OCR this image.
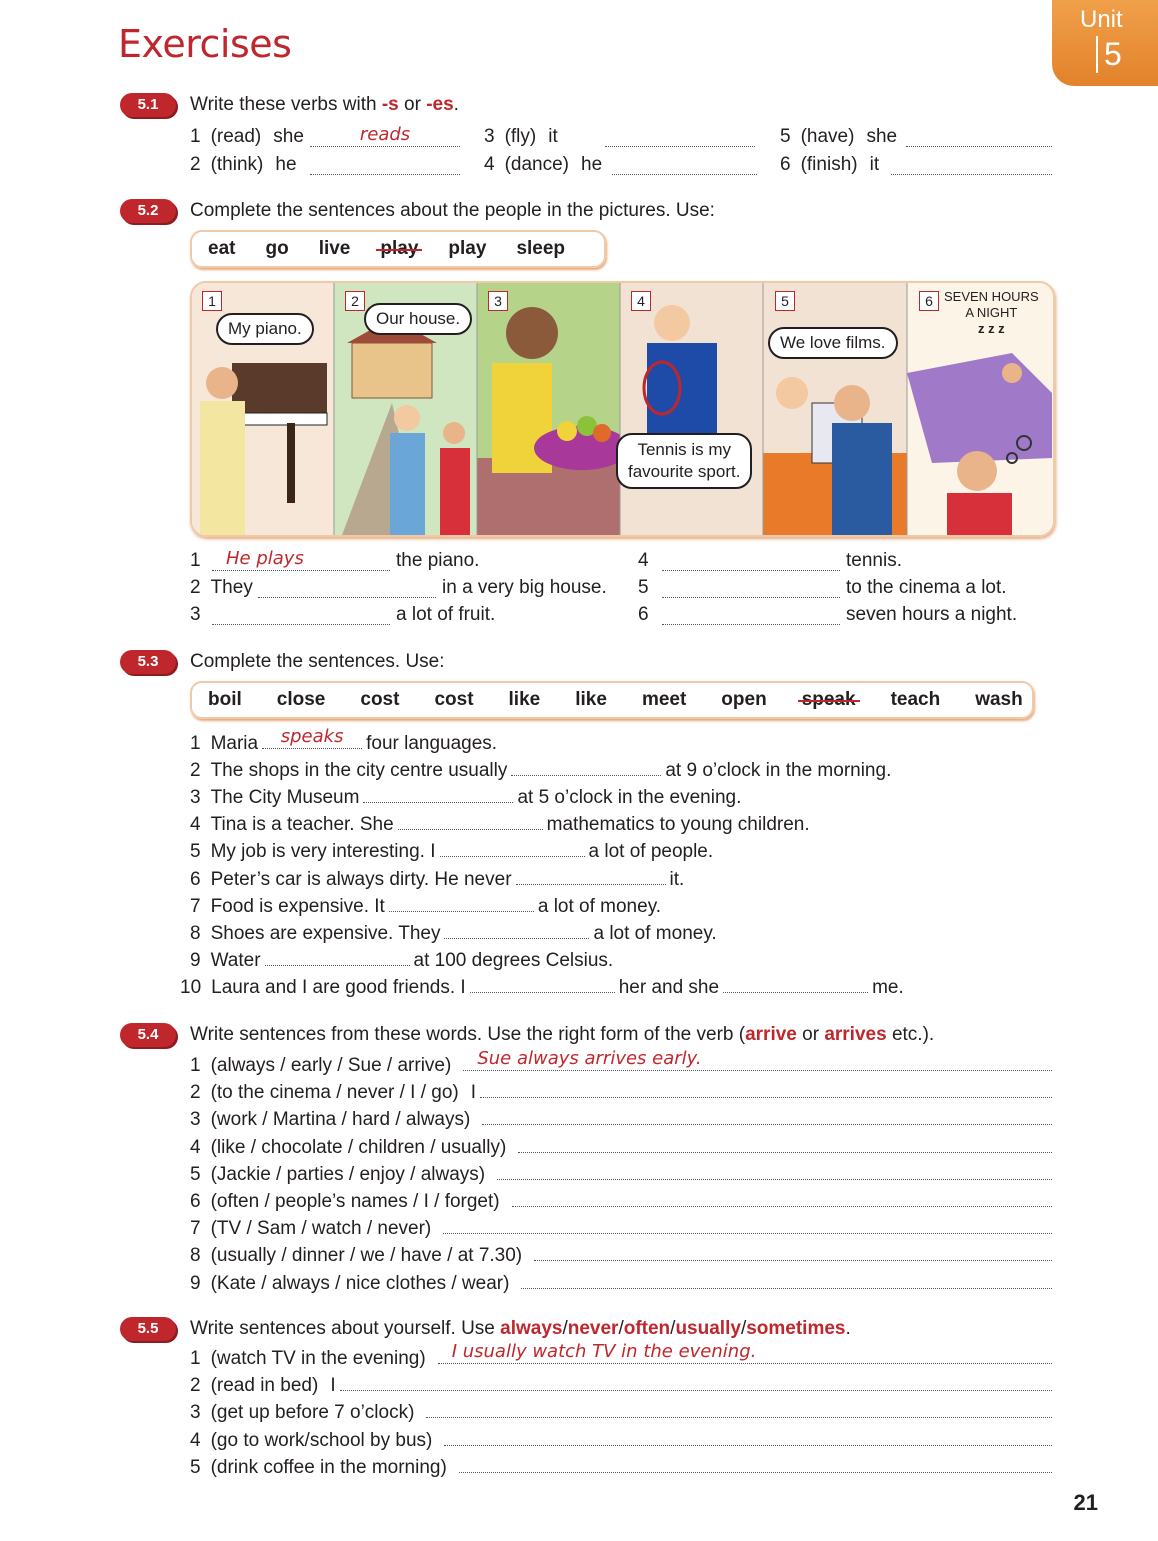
Exercises
Unit
5
5.1	Write these verbs with -s or -es.
1 (read) she	reads
2 (think) he
3 (fly) it
4 (dance) he
5 (have) she
6 (finish) it
5.2	Complete the sentences about the people in the pictures. Use:
eat go live play play sleep
1	2	3	4	5	6
My piano.
Our house.
Tennis is my
favourite sport.
We love films.
SEVEN HOURS
A NIGHT
z z z
1	He plays	the piano.
2 They	in a very big house.
3	a lot of fruit.
4	tennis.
5	to the cinema a lot.
6	seven hours a night.
5.3	Complete the sentences. Use:
boil close cost cost like like meet open speak teach wash
1 Maria	speaks	four languages.
2 The shops in the city centre usually	at 9 o’clock in the morning.
3 The City Museum	at 5 o’clock in the evening.
4 Tina is a teacher. She	mathematics to young children.
5 My job is very interesting. I	a lot of people.
6 Peter’s car is always dirty. He never	it.
7 Food is expensive. It	a lot of money.
8 Shoes are expensive. They	a lot of money.
9 Water	at 100 degrees Celsius.
10 Laura and I are good friends. I	her and she	me.
5.4	Write sentences from these words. Use the right form of the verb (arrive or arrives etc.).
1 (always / early / Sue / arrive)	Sue always arrives early.
2 (to the cinema / never / I / go) I
3 (work / Martina / hard / always)
4 (like / chocolate / children / usually)
5 (Jackie / parties / enjoy / always)
6 (often / people’s names / I / forget)
7 (TV / Sam / watch / never)
8 (usually / dinner / we / have / at 7.30)
9 (Kate / always / nice clothes / wear)
5.5	Write sentences about yourself. Use always/never/often/usually/sometimes.
1 (watch TV in the evening)	I usually watch TV in the evening.
2 (read in bed) I
3 (get up before 7 o’clock)
4 (go to work/school by bus)
5 (drink coffee in the morning)
21
